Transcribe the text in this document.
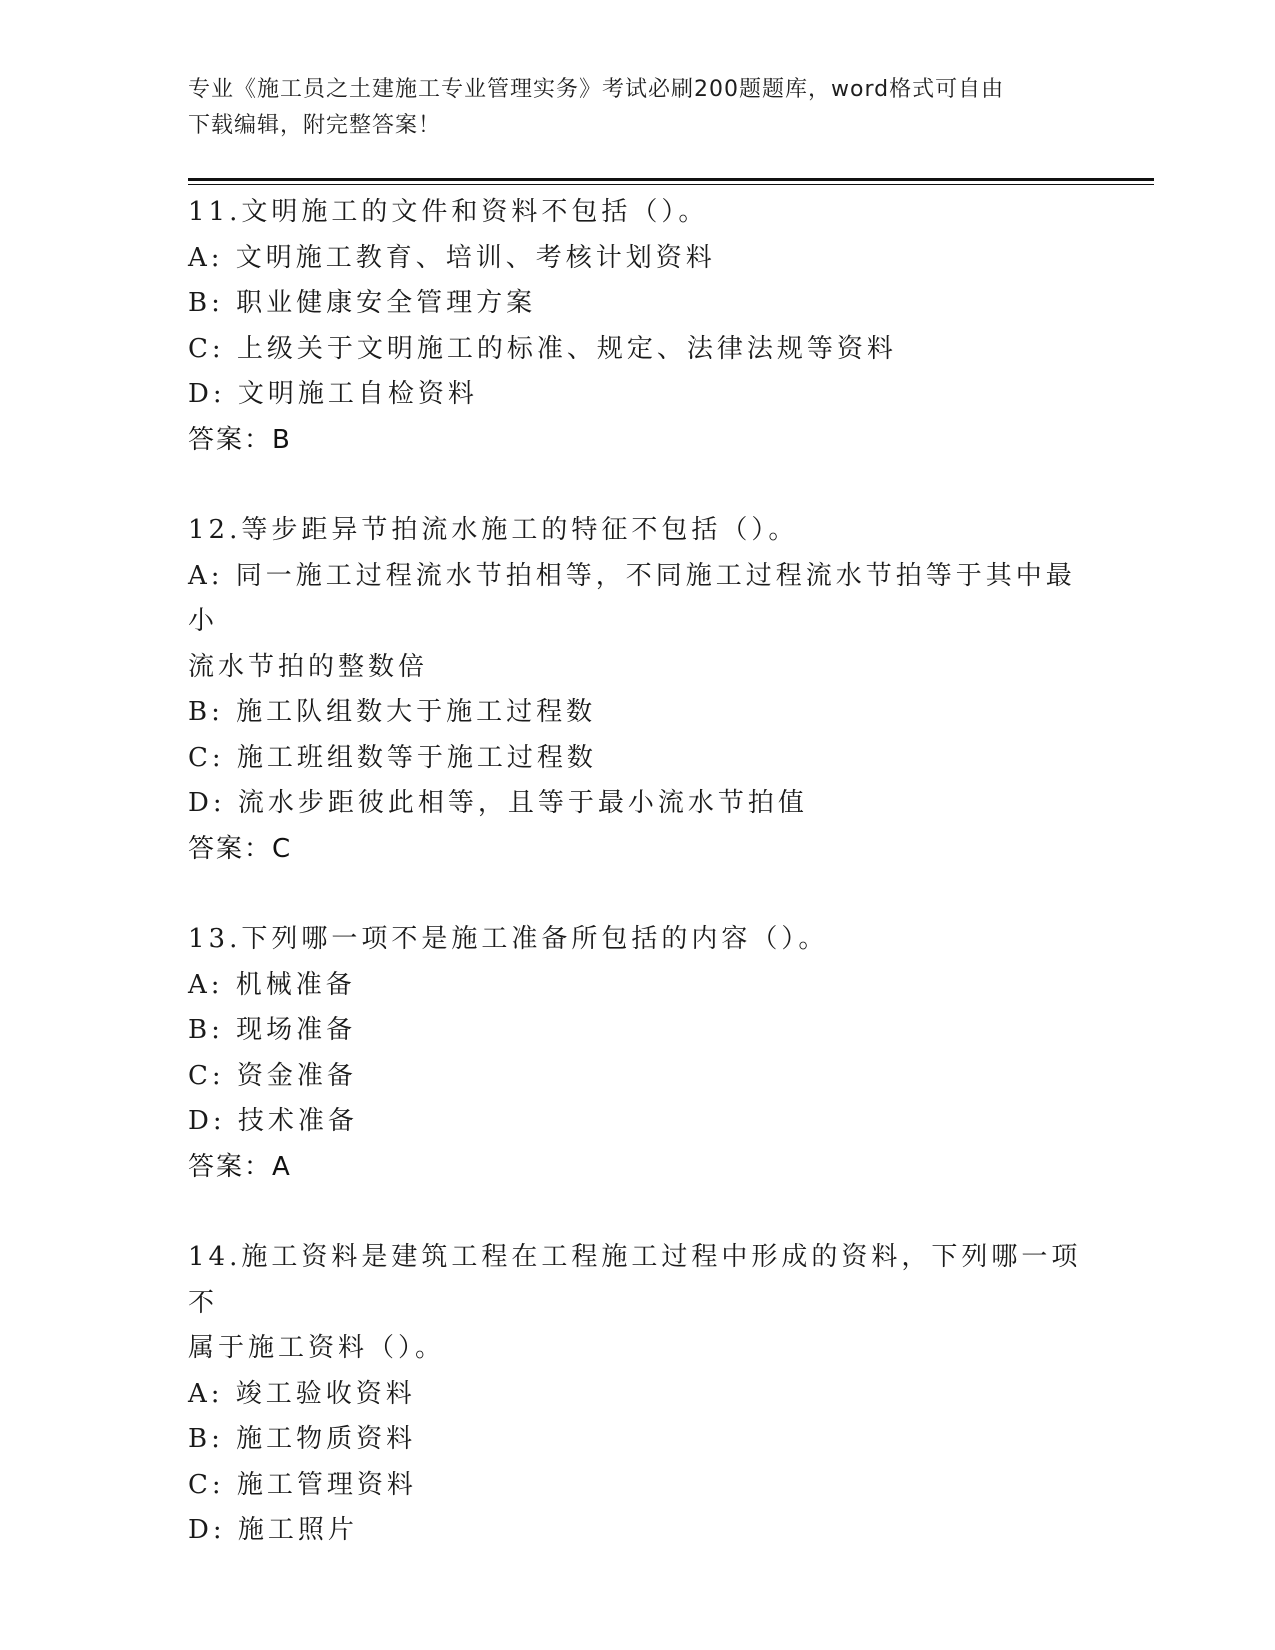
专业《施工员之土建施工专业管理实务》考试必刷200题题库，word格式可自由
下载编辑，附完整答案！
11.文明施工的文件和资料不包括（）。
A: 文明施工教育、培训、考核计划资料
B: 职业健康安全管理方案
C: 上级关于文明施工的标准、规定、法律法规等资料
D: 文明施工自检资料
答案：B
12.等步距异节拍流水施工的特征不包括（）。
A: 同一施工过程流水节拍相等，不同施工过程流水节拍等于其中最小
流水节拍的整数倍
B: 施工队组数大于施工过程数
C: 施工班组数等于施工过程数
D: 流水步距彼此相等，且等于最小流水节拍值
答案：C
13.下列哪一项不是施工准备所包括的内容（）。
A: 机械准备
B: 现场准备
C: 资金准备
D: 技术准备
答案：A
14.施工资料是建筑工程在工程施工过程中形成的资料，下列哪一项不
属于施工资料（）。
A: 竣工验收资料
B: 施工物质资料
C: 施工管理资料
D: 施工照片
